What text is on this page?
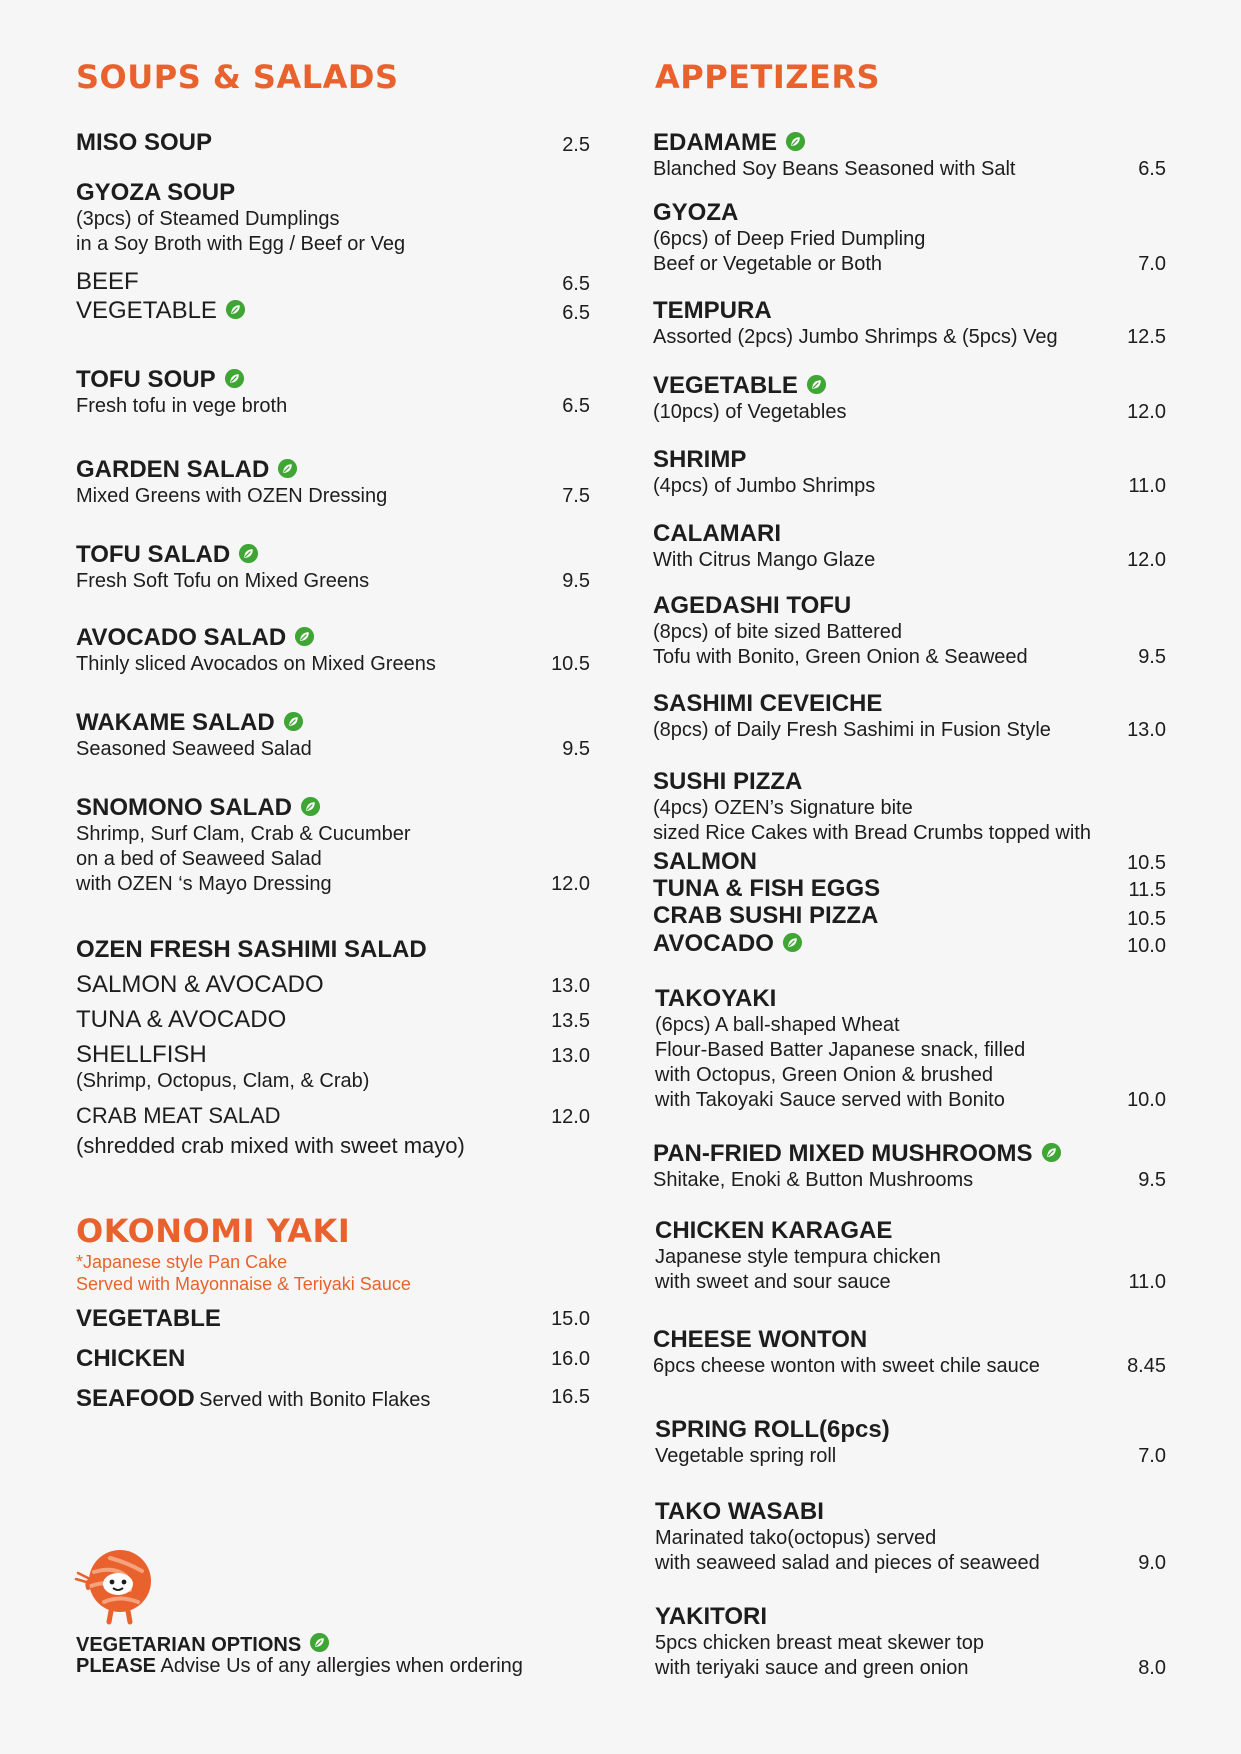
SOUPS & SALADS
MISO SOUP	2.5
GYOZA SOUP
(3pcs) of Steamed Dumplings
in a Soy Broth with Egg / Beef or Veg
BEEF	6.5
VEGETABLE	6.5
TOFU SOUP
Fresh tofu in vege broth	6.5
GARDEN SALAD
Mixed Greens with OZEN Dressing	7.5
TOFU SALAD
Fresh Soft Tofu on Mixed Greens	9.5
AVOCADO SALAD
Thinly sliced Avocados on Mixed Greens	10.5
WAKAME SALAD
Seasoned Seaweed Salad	9.5
SNOMONO SALAD
Shrimp, Surf Clam, Crab & Cucumber
on a bed of Seaweed Salad
with OZEN ‘s Mayo Dressing	12.0
OZEN FRESH SASHIMI SALAD
SALMON & AVOCADO	13.0
TUNA & AVOCADO	13.5
SHELLFISH	13.0
(Shrimp, Octopus, Clam, & Crab)
CRAB MEAT SALAD	12.0
(shredded crab mixed with sweet mayo)
OKONOMI YAKI
*Japanese style Pan Cake
Served with Mayonnaise & Teriyaki Sauce
VEGETABLE	15.0
CHICKEN	16.0
SEAFOOD Served with Bonito Flakes	16.5
VEGETARIAN OPTIONS
PLEASE Advise Us of any allergies when ordering
APPETIZERS
EDAMAME
Blanched Soy Beans Seasoned with Salt	6.5
GYOZA
(6pcs) of Deep Fried Dumpling
Beef or Vegetable or Both	7.0
TEMPURA
Assorted (2pcs) Jumbo Shrimps & (5pcs) Veg	12.5
VEGETABLE
(10pcs) of Vegetables	12.0
SHRIMP
(4pcs) of Jumbo Shrimps	11.0
CALAMARI
With Citrus Mango Glaze	12.0
AGEDASHI TOFU
(8pcs) of bite sized Battered
Tofu with Bonito, Green Onion & Seaweed	9.5
SASHIMI CEVEICHE
(8pcs) of Daily Fresh Sashimi in Fusion Style	13.0
SUSHI PIZZA
(4pcs) OZEN’s Signature bite
sized Rice Cakes with Bread Crumbs topped with
SALMON	10.5
TUNA & FISH EGGS	11.5
CRAB SUSHI PIZZA	10.5
AVOCADO	10.0
TAKOYAKI
(6pcs) A ball-shaped Wheat
Flour-Based Batter Japanese snack, filled
with Octopus, Green Onion & brushed
with Takoyaki Sauce served with Bonito	10.0
PAN-FRIED MIXED MUSHROOMS
Shitake, Enoki & Button Mushrooms	9.5
CHICKEN KARAGAE
Japanese style tempura chicken
with sweet and sour sauce	11.0
CHEESE WONTON
6pcs cheese wonton with sweet chile sauce	8.45
SPRING ROLL(6pcs)
Vegetable spring roll	7.0
TAKO WASABI
Marinated tako(octopus) served
with seaweed salad and pieces of seaweed	9.0
YAKITORI
5pcs chicken breast meat skewer top
with teriyaki sauce and green onion	8.0
